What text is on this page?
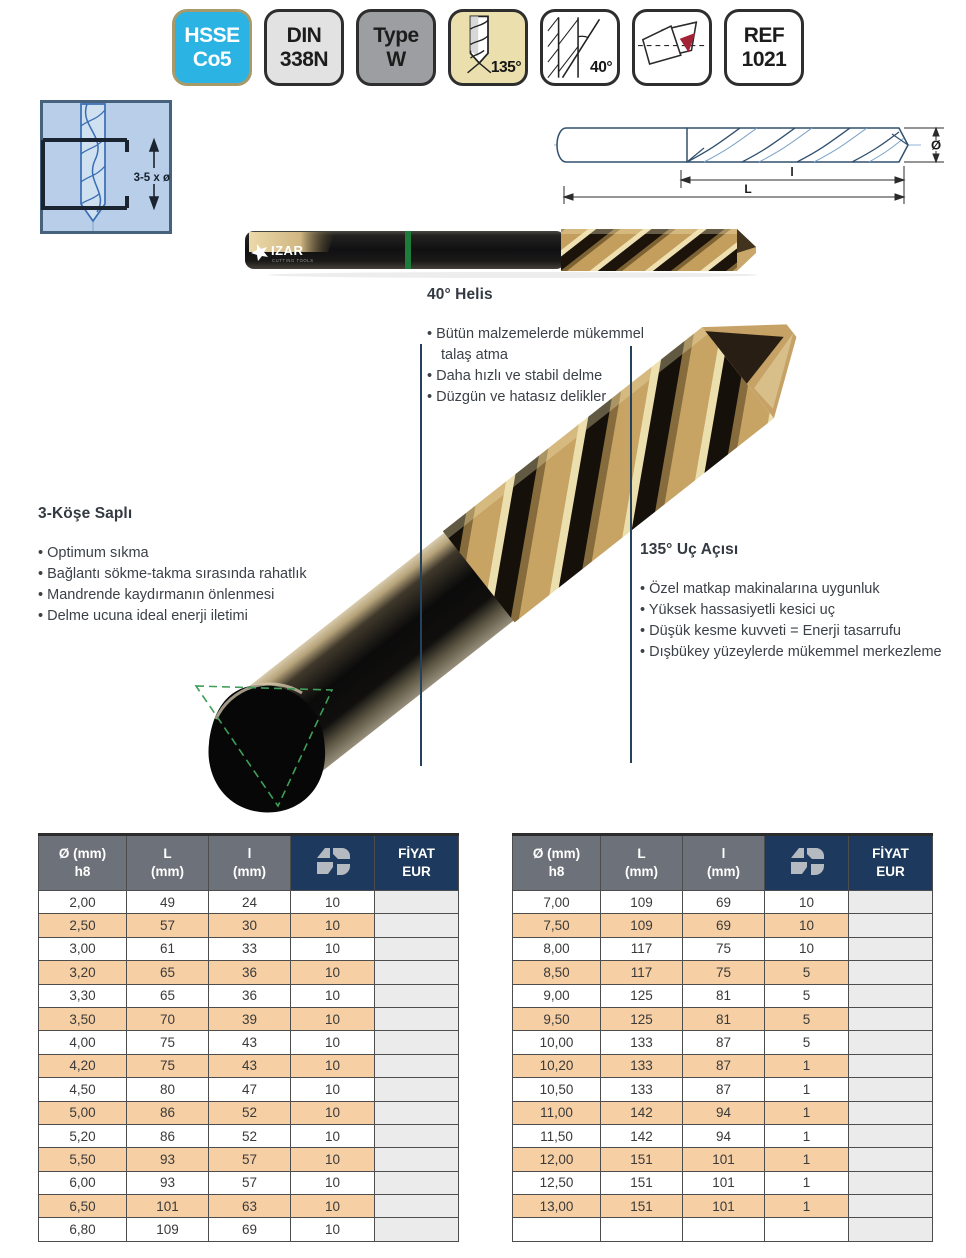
HSSE
Co5
DIN
338N
Type
W	135°	40°
REF
1021
3-5 x ø
Ø
l
L
IZAR
CUTTING TOOLS
40° Helis
• Bütün malzemelerde mükemmel talaş atma
• Daha hızlı ve stabil delme
• Düzgün ve hatasız delikler
3-Köşe Saplı
• Optimum sıkma
• Bağlantı sökme-takma sırasında rahatlık
• Mandrende kaydırmanın önlenmesi
• Delme ucuna ideal enerji iletimi
135° Uç Açısı
• Özel matkap makinalarına uygunluk
• Yüksek hassasiyetli kesici uç
• Düşük kesme kuvveti = Enerji tasarrufu
• Dışbükey yüzeylerde mükemmel merkezleme
Ø (mm)
h8

L
(mm)

l
(mm)

FİYAT
EUR

2,00	49	24	10	
2,50	57	30	10	
3,00	61	33	10	
3,20	65	36	10	
3,30	65	36	10	
3,50	70	39	10	
4,00	75	43	10	
4,20	75	43	10	
4,50	80	47	10	
5,00	86	52	10	
5,20	86	52	10	
5,50	93	57	10	
6,00	93	57	10	
6,50	101	63	10	
6,80	109	69	10	
Ø (mm)
h8

L
(mm)

l
(mm)

FİYAT
EUR

7,00	109	69	10	
7,50	109	69	10	
8,00	117	75	10	
8,50	117	75	5	
9,00	125	81	5	
9,50	125	81	5	
10,00	133	87	5	
10,20	133	87	1	
10,50	133	87	1	
11,00	142	94	1	
11,50	142	94	1	
12,00	151	101	1	
12,50	151	101	1	
13,00	151	101	1	
